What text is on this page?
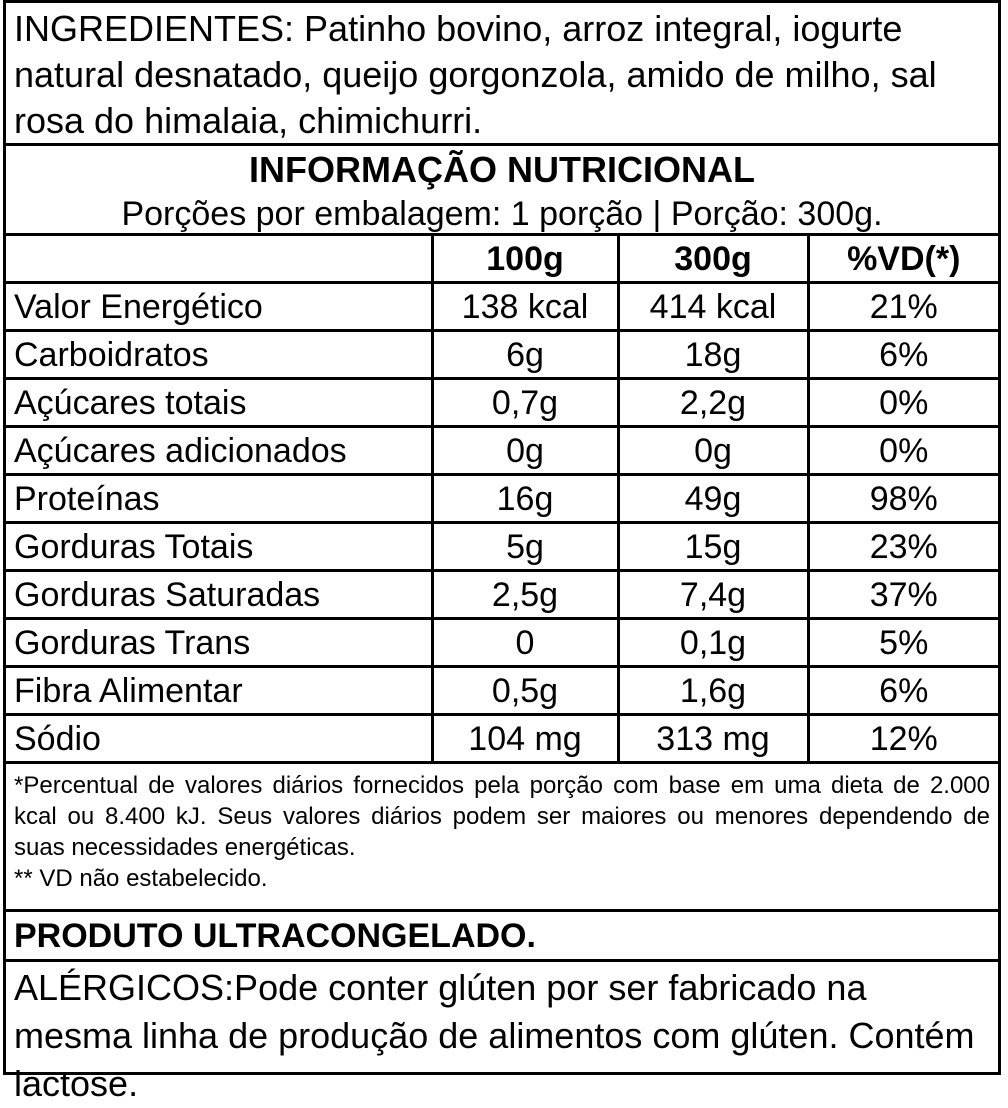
INGREDIENTES: Patinho bovino, arroz integral, iogurte natural desnatado, queijo gorgonzola, amido de milho, sal rosa do himalaia, chimichurri.
INFORMAÇÃO NUTRICIONAL
Porções por embalagem: 1 porção | Porção: 300g.
	100g	300g	%VD(*)
Valor Energético	138 kcal	414 kcal	21%
Carboidratos	6g	18g	6%
Açúcares totais	0,7g	2,2g	0%
Açúcares adicionados	0g	0g	0%
Proteínas	16g	49g	98%
Gorduras Totais	5g	15g	23%
Gorduras Saturadas	2,5g	7,4g	37%
Gorduras Trans	0	0,1g	5%
Fibra Alimentar	0,5g	1,6g	6%
Sódio	104 mg	313 mg	12%

*Percentual de valores diários fornecidos pela porção com base em uma dieta de 2.000 kcal ou 8.400 kJ. Seus valores diários podem ser maiores ou menores dependendo de suas necessidades energéticas.

** VD não estabelecido.

PRODUTO ULTRACONGELADO.
ALÉRGICOS:Pode conter glúten por ser fabricado na mesma linha de produção de alimentos com glúten. Contém lactose.
